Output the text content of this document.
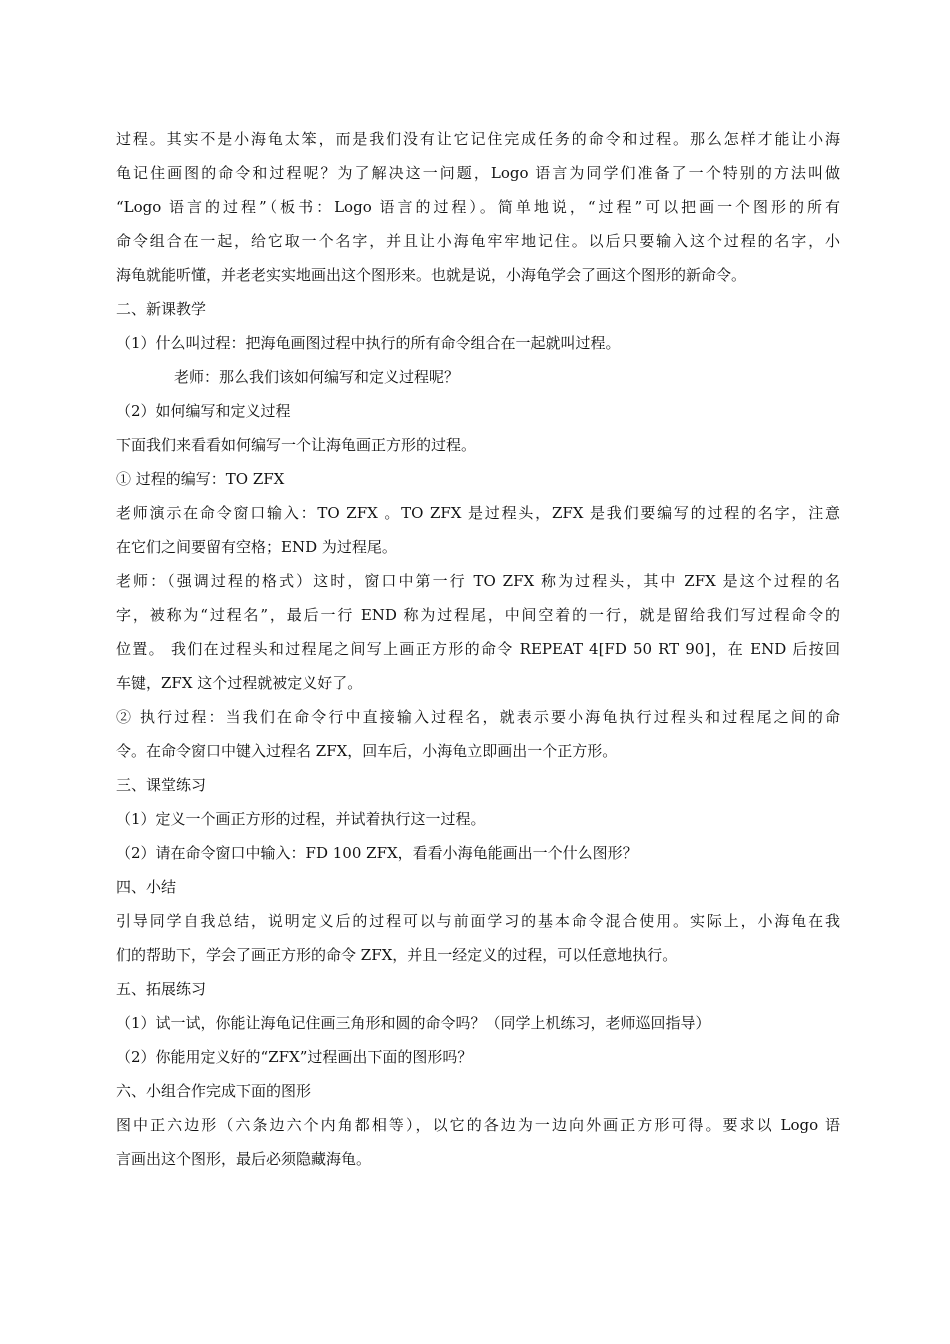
过程。其实不是小海龟太笨，而是我们没有让它记住完成任务的命令和过程。那么怎样才能让小海
龟记住画图的命令和过程呢？为了解决这一问题，Logo 语言为同学们准备了一个特别的方法叫做
“Logo 语言的过程”（板书：Logo 语言的过程）。简单地说，“过程”可以把画一个图形的所有
命令组合在一起，给它取一个名字，并且让小海龟牢牢地记住。以后只要输入这个过程的名字，小
海龟就能听懂，并老老实实地画出这个图形来。也就是说，小海龟学会了画这个图形的新命令。
二、新课教学
（1）什么叫过程：把海龟画图过程中执行的所有命令组合在一起就叫过程。
老师：那么我们该如何编写和定义过程呢？
（2）如何编写和定义过程
下面我们来看看如何编写一个让海龟画正方形的过程。
① 过程的编写：TO ZFX
老师演示在命令窗口输入：TO ZFX 。TO ZFX 是过程头，ZFX 是我们要编写的过程的名字，注意
在它们之间要留有空格；END 为过程尾。
老师：（强调过程的格式）这时，窗口中第一行 TO ZFX 称为过程头，其中 ZFX 是这个过程的名
字，被称为“过程名”，最后一行 END 称为过程尾，中间空着的一行，就是留给我们写过程命令的
位置。 我们在过程头和过程尾之间写上画正方形的命令 REPEAT 4[FD 50 RT 90]，在 END 后按回
车键，ZFX 这个过程就被定义好了。
② 执行过程：当我们在命令行中直接输入过程名，就表示要小海龟执行过程头和过程尾之间的命
令。在命令窗口中键入过程名 ZFX，回车后，小海龟立即画出一个正方形。
三、课堂练习
（1）定义一个画正方形的过程，并试着执行这一过程。
（2）请在命令窗口中输入：FD 100 ZFX，看看小海龟能画出一个什么图形？
四、小结
引导同学自我总结，说明定义后的过程可以与前面学习的基本命令混合使用。实际上，小海龟在我
们的帮助下，学会了画正方形的命令 ZFX，并且一经定义的过程，可以任意地执行。
五、拓展练习
（1）试一试，你能让海龟记住画三角形和圆的命令吗？（同学上机练习，老师巡回指导）
（2）你能用定义好的“ZFX”过程画出下面的图形吗？
六、小组合作完成下面的图形
图中正六边形（六条边六个内角都相等），以它的各边为一边向外画正方形可得。要求以 Logo 语
言画出这个图形，最后必须隐藏海龟。
